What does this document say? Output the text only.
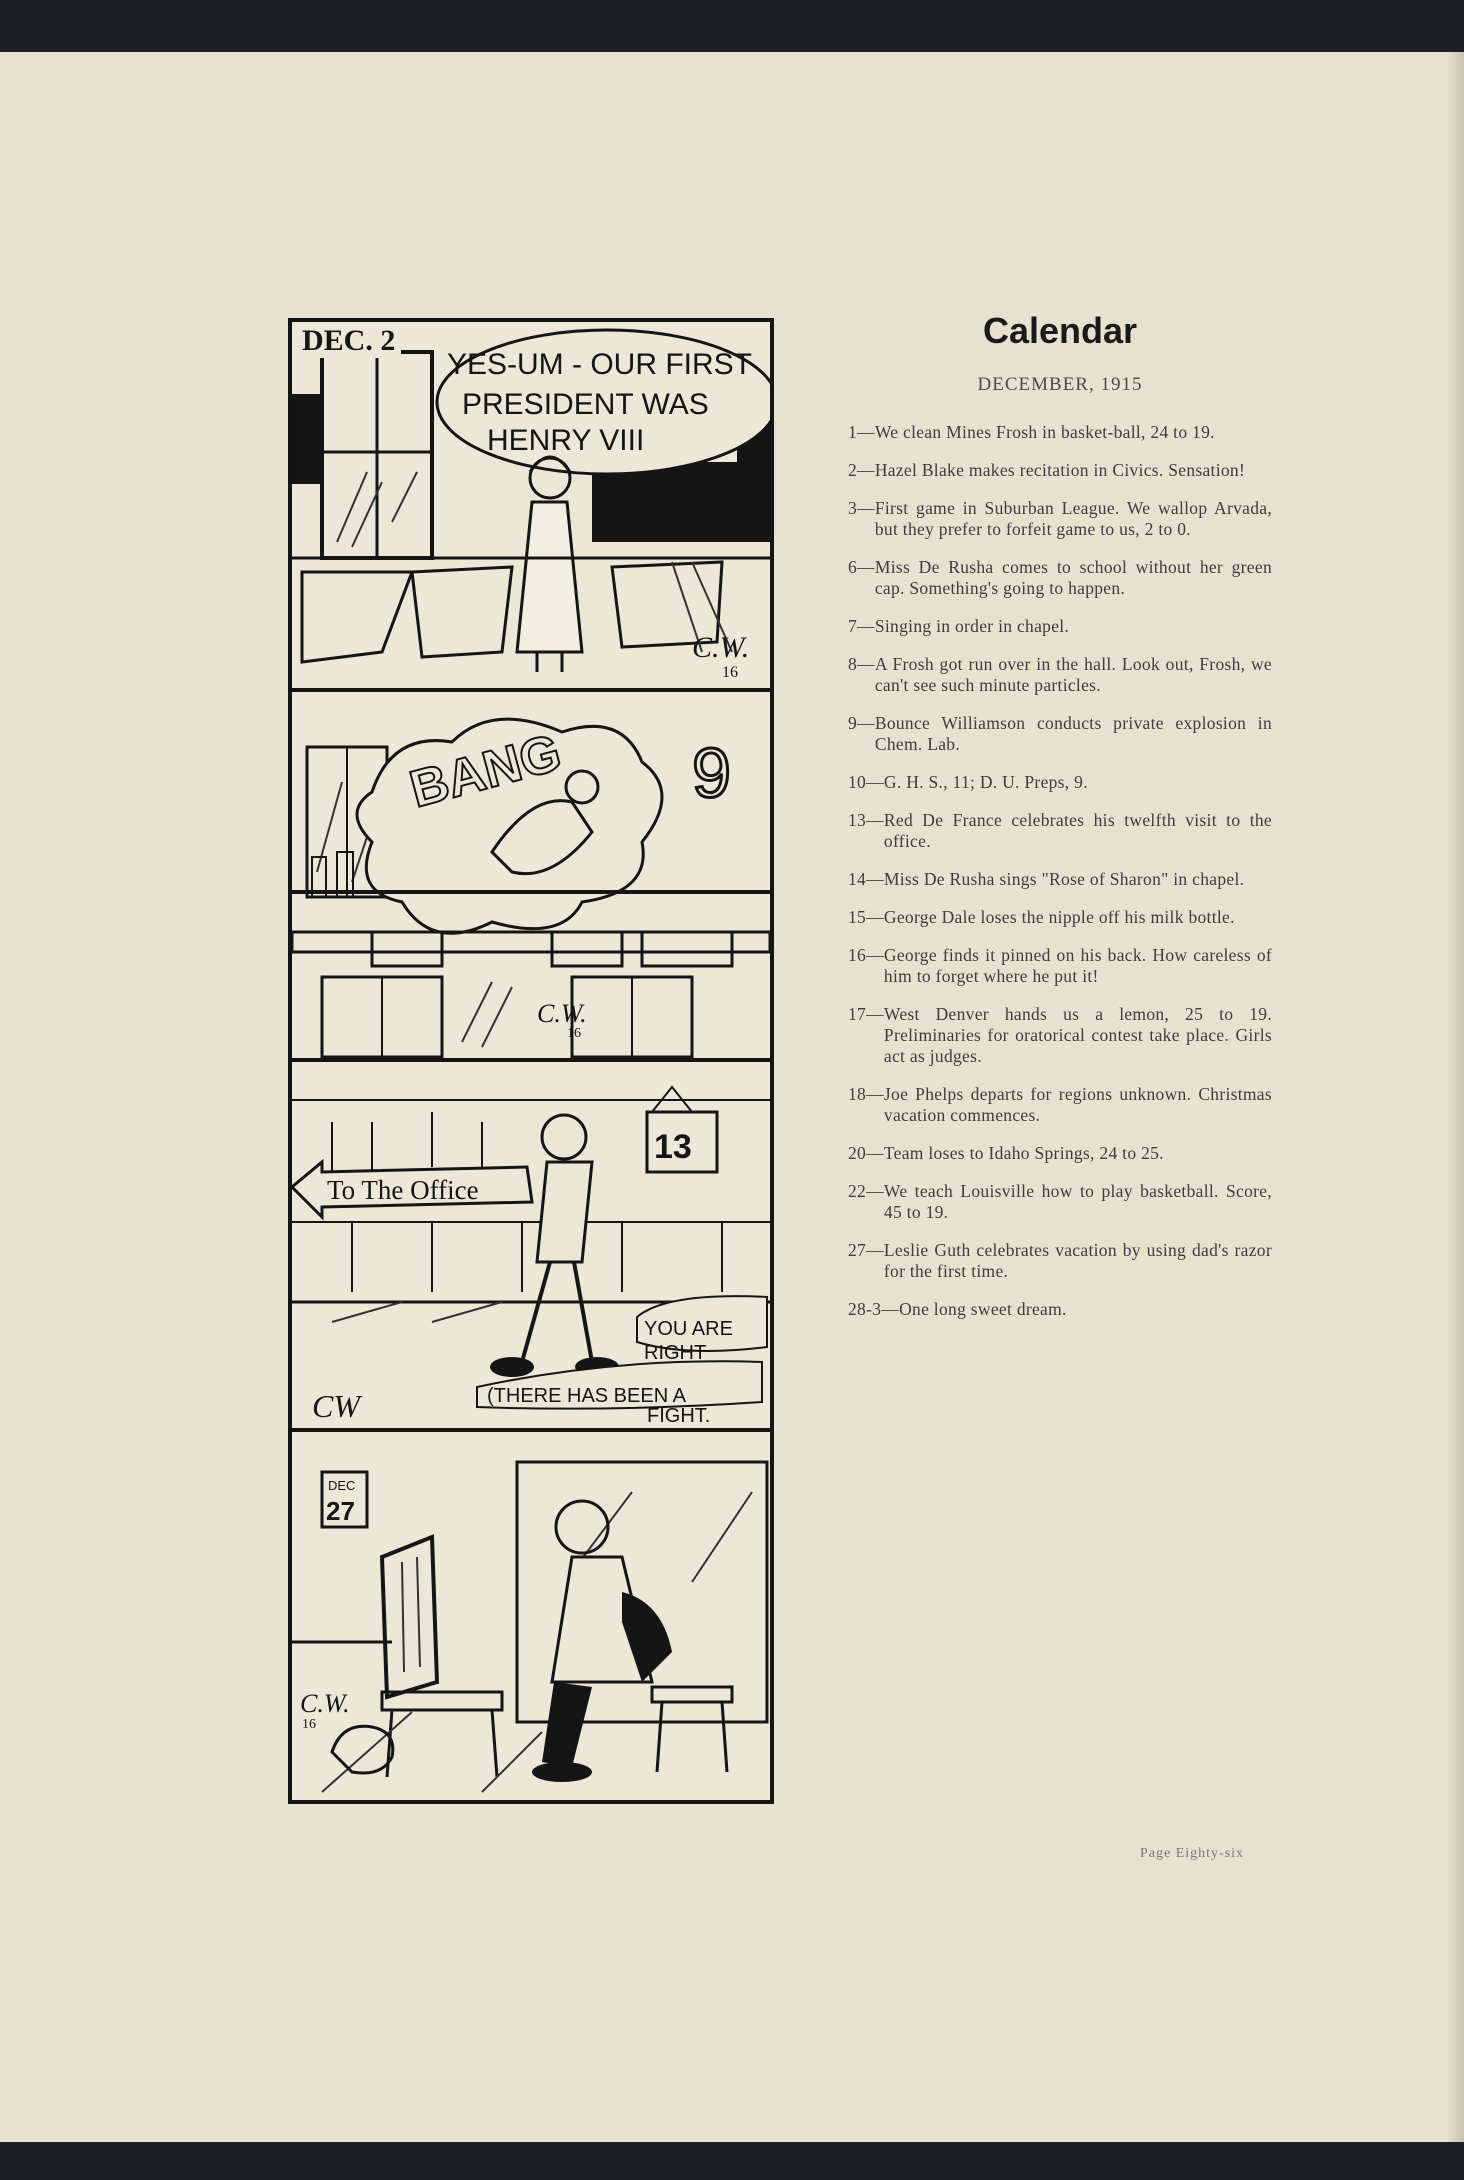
YES-UM - OUR FIRST
PRESIDENT WAS
HENRY VIII
C.W.
16
DEC. 2
BANG 9
C.W.
16
To The Office
13
YOU ARE
RIGHT
(THERE HAS BEEN A
FIGHT.
CW
DEC
27
C.W.
16
Calendar
DECEMBER, 1915
1— We clean Mines Frosh in basket-ball, 24 to 19.
2— Hazel Blake makes recitation in Civics. Sensation!
3— First game in Suburban League. We wallop Arvada, but they prefer to forfeit game to us, 2 to 0.
6— Miss De Rusha comes to school without her green cap. Something's going to happen.
7— Singing in order in chapel.
8— A Frosh got run over in the hall. Look out, Frosh, we can't see such minute particles.
9— Bounce Williamson conducts private explosion in Chem. Lab.
10— G. H. S., 11; D. U. Preps, 9.
13— Red De France celebrates his twelfth visit to the office.
14— Miss De Rusha sings "Rose of Sharon" in chapel.
15— George Dale loses the nipple off his milk bottle.
16— George finds it pinned on his back. How careless of him to forget where he put it!
17— West Denver hands us a lemon, 25 to 19. Preliminaries for oratorical contest take place. Girls act as judges.
18— Joe Phelps departs for regions unknown. Christmas vacation commences.
20— Team loses to Idaho Springs, 24 to 25.
22— We teach Louisville how to play basketball. Score, 45 to 19.
27— Leslie Guth celebrates vacation by using dad's razor for the first time.
28-3— One long sweet dream.
Page Eighty-six
